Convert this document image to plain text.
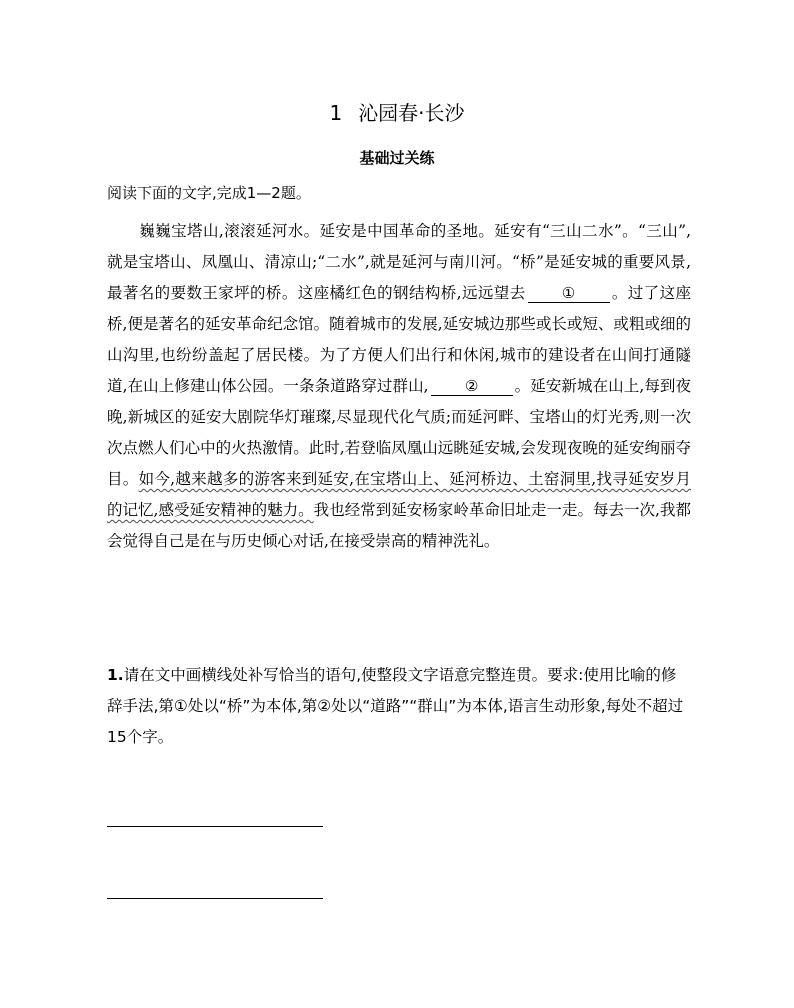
1 沁园春·长沙
基础过关练
阅读下面的文字,完成1—2题。
巍巍宝塔山,滚滚延河水。延安是中国革命的圣地。延安有“三山二水”。“三山”,就是宝塔山、凤凰山、清凉山;“二水”,就是延河与南川河。“桥”是延安城的重要风景,最著名的要数王家坪的桥。这座橘红色的钢结构桥,远远望去 ① 。过了这座桥,便是著名的延安革命纪念馆。随着城市的发展,延安城边那些或长或短、或粗或细的山沟里,也纷纷盖起了居民楼。为了方便人们出行和休闲,城市的建设者在山间打通隧道,在山上修建山体公园。一条条道路穿过群山, ② 。延安新城在山上,每到夜晚,新城区的延安大剧院华灯璀璨,尽显现代化气质;而延河畔、宝塔山的灯光秀,则一次次点燃人们心中的火热激情。此时,若登临凤凰山远眺延安城,会发现夜晚的延安绚丽夺目。如今,越来越多的游客来到延安,在宝塔山上、延河桥边、土窑洞里,找寻延安岁月的记忆,感受延安精神的魅力。我也经常到延安杨家岭革命旧址走一走。每去一次,我都会觉得自己是在与历史倾心对话,在接受崇高的精神洗礼。
1.请在文中画横线处补写恰当的语句,使整段文字语意完整连贯。要求:使用比喻的修辞手法,第①处以“桥”为本体,第②处以“道路”“群山”为本体,语言生动形象,每处不超过15个字。
